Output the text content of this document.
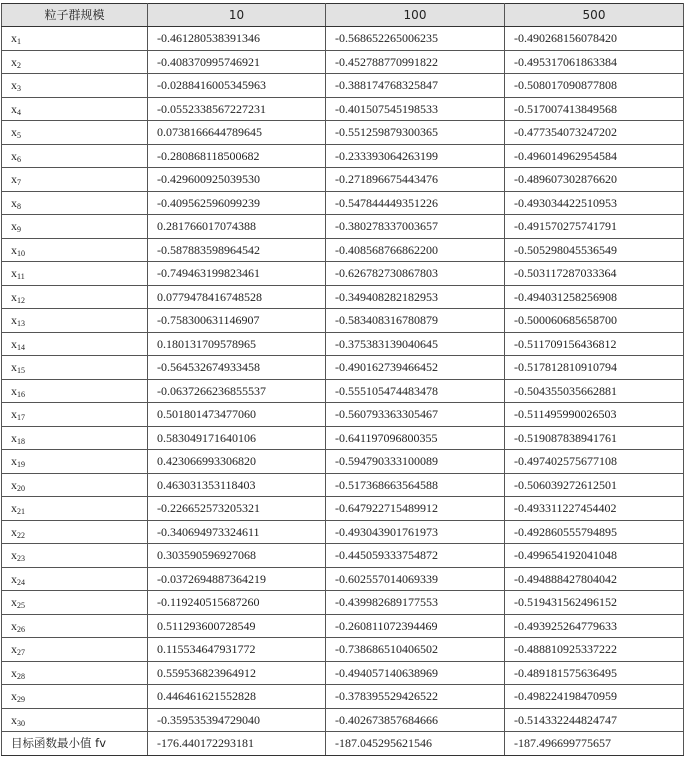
粒子群规模	10	100	500
$x_1$	-0.461280538391346	-0.568652265006235	-0.490268156078420
$x_2$	-0.408370995746921	-0.452788770991822	-0.495317061863384
$x_3$	-0.0288416005345963	-0.388174768325847	-0.508017090877808
$x_4$	-0.0552338567227231	-0.401507545198533	-0.517007413849568
$x_5$	0.0738166644789645	-0.551259879300365	-0.477354073247202
$x_6$	-0.280868118500682	-0.233393064263199	-0.496014962954584
$x_7$	-0.429600925039530	-0.271896675443476	-0.489607302876620
$x_8$	-0.409562596099239	-0.547844449351226	-0.493034422510953
$x_9$	0.281766017074388	-0.380278337003657	-0.491570275741791
$x_{10}$	-0.587883598964542	-0.408568766862200	-0.505298045536549
$x_{11}$	-0.749463199823461	-0.626782730867803	-0.503117287033364
$x_{12}$	0.0779478416748528	-0.349408282182953	-0.494031258256908
$x_{13}$	-0.758300631146907	-0.583408316780879	-0.500060685658700
$x_{14}$	0.180131709578965	-0.375383139040645	-0.511709156436812
$x_{15}$	-0.564532674933458	-0.490162739466452	-0.517812810910794
$x_{16}$	-0.0637266236855537	-0.555105474483478	-0.504355035662881
$x_{17}$	0.501801473477060	-0.560793363305467	-0.511495990026503
$x_{18}$	0.583049171640106	-0.641197096800355	-0.519087838941761
$x_{19}$	0.423066993306820	-0.594790333100089	-0.497402575677108
$x_{20}$	0.463031353118403	-0.517368663564588	-0.506039272612501
$x_{21}$	-0.226652573205321	-0.647922715489912	-0.493311227454402
$x_{22}$	-0.340694973324611	-0.493043901761973	-0.492860555794895
$x_{23}$	0.303590596927068	-0.445059333754872	-0.499654192041048
$x_{24}$	-0.0372694887364219	-0.602557014069339	-0.494888427804042
$x_{25}$	-0.119240515687260	-0.439982689177553	-0.519431562496152
$x_{26}$	0.511293600728549	-0.260811072394469	-0.493925264779633
$x_{27}$	0.115534647931772	-0.738686510406502	-0.488810925337222
$x_{28}$	0.559536823964912	-0.494057140638969	-0.489181575636495
$x_{29}$	0.446461621552828	-0.378395529426522	-0.498224198470959
$x_{30}$	-0.359535394729040	-0.402673857684666	-0.514332244824747
目标函数最小值 fv	-176.440172293181	-187.045295621546	-187.496699775657
